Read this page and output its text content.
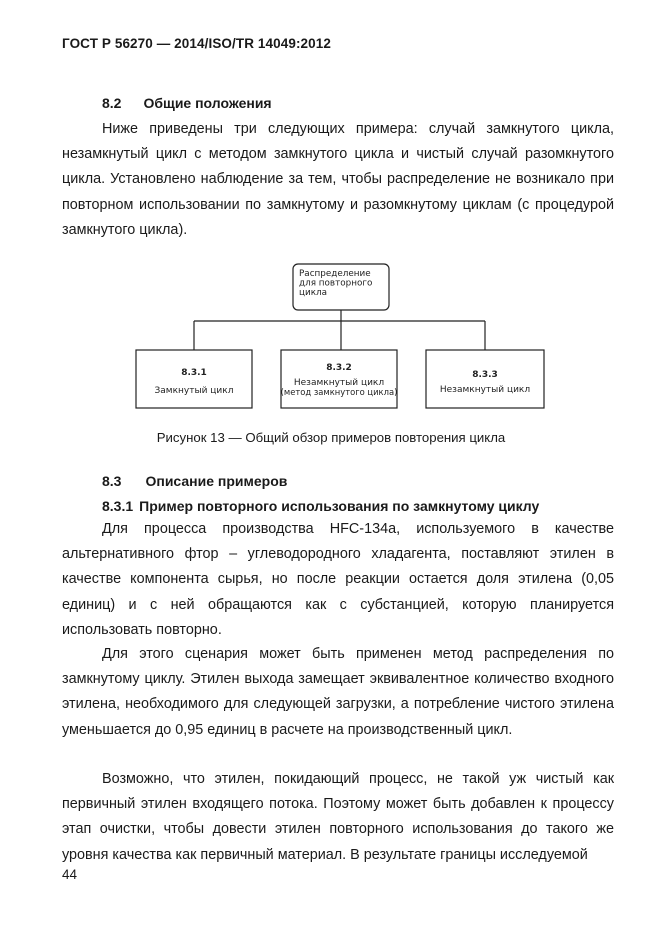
ГОСТ Р 56270 — 2014/ISO/TR 14049:2012
8.2 Общие положения

Ниже приведены три следующих примера: случай замкнутого цикла, незамкнутый цикл с методом замкнутого цикла и чистый случай разомкнутого цикла. Установлено наблюдение за тем, чтобы распределение не возникало при повторном использовании по замкнутому и разомкнутому циклам (с процедурой замкнутого цикла).

Распределение
для повторного
цикла
8.3.1
Замкнутый цикл
8.3.2
Незамкнутый цикл
(метод замкнутого цикла)
8.3.3
Незамкнутый цикл
Рисунок 13 — Общий обзор примеров повторения цикла
8.3 Описание примеров
8.3.1 Пример повторного использования по замкнутому циклу

Для процесса производства HFC-134a, используемого в качестве альтернативного фтор – углеводородного хладагента, поставляют этилен в качестве компонента сырья, но после реакции остается доля этилена (0,05 единиц) и с ней обращаются как с субстанцией, которую планируется использовать повторно.

Для этого сценария может быть применен метод распределения по замкнутому циклу. Этилен выхода замещает эквивалентное количество входного этилена, необходимого для следующей загрузки, а потребление чистого этилена уменьшается до 0,95 единиц в расчете на производственный цикл.

Возможно, что этилен, покидающий процесс, не такой уж чистый как первичный этилен входящего потока. Поэтому может быть добавлен к процессу этап очистки, чтобы довести этилен повторного использования до такого же уровня качества как первичный материал. В результате границы исследуемой

44
